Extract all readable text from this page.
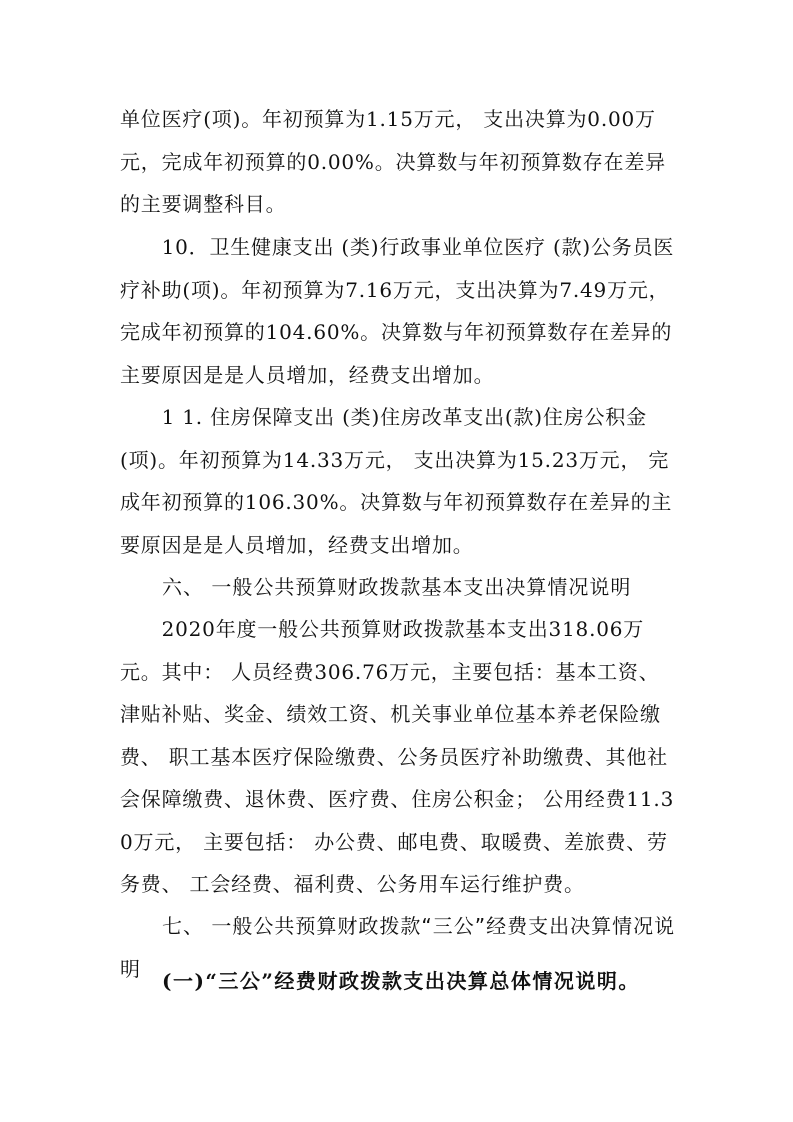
单位医疗(项)。年初预算为1.15万元， 支出决算为0.00万元，完成年初预算的0.00%。决算数与年初预算数存在差异的主要调整科目。

　　10．卫生健康支出 (类)行政事业单位医疗 (款)公务员医疗补助(项)。年初预算为7.16万元，支出决算为7.49万元，完成年初预算的104.60%。决算数与年初预算数存在差异的主要原因是是人员增加，经费支出增加。

　　1 1. 住房保障支出 (类)住房改革支出(款)住房公积金(项)。年初预算为14.33万元， 支出决算为15.23万元， 完成年初预算的106.30%。决算数与年初预算数存在差异的主要原因是是人员增加，经费支出增加。

　　六、 一般公共预算财政拨款基本支出决算情况说明

　　2020年度一般公共预算财政拨款基本支出318.06万元。其中： 人员经费306.76万元，主要包括：基本工资、津贴补贴、奖金、绩效工资、机关事业单位基本养老保险缴费、 职工基本医疗保险缴费、公务员医疗补助缴费、其他社会保障缴费、退休费、医疗费、住房公积金； 公用经费11.30万元， 主要包括： 办公费、邮电费、取暖费、差旅费、劳务费、 工会经费、福利费、公务用车运行维护费。

　　七、 一般公共预算财政拨款“三公”经费支出决算情况说明

(一)“三公”经费财政拨款支出决算总体情况说明。
